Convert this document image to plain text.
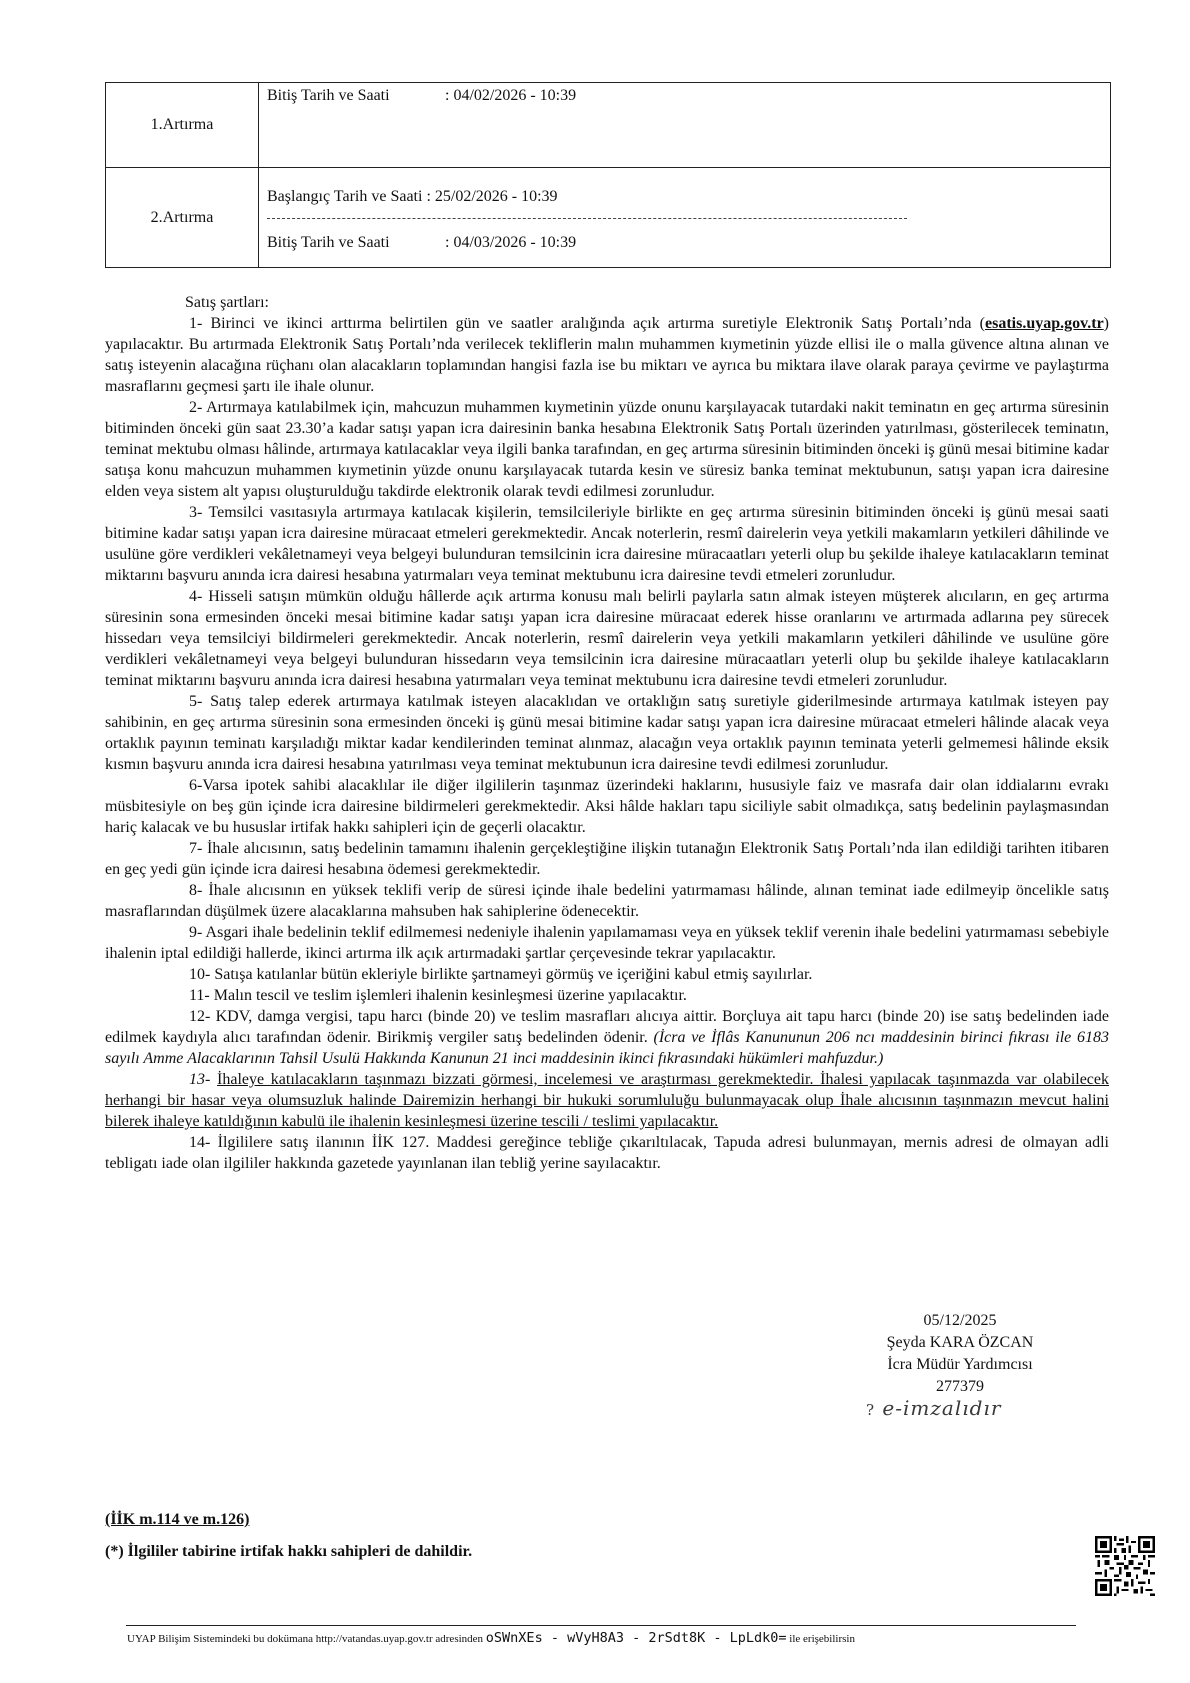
1.Artırma	Bitiş Tarih ve Saati : 04/02/2026 - 10:39

2.Artırma	Başlangıç Tarih ve Saati : 25/02/2026 - 10:39
Bitiş Tarih ve Saati : 04/03/2026 - 10:39

Satış şartları:

1- Birinci ve ikinci arttırma belirtilen gün ve saatler aralığında açık artırma suretiyle Elektronik Satış Portalı’nda (esatis.uyap.gov.tr) yapılacaktır. Bu artırmada Elektronik Satış Portalı’nda verilecek tekliflerin malın muhammen kıymetinin yüzde ellisi ile o malla güvence altına alınan ve satış isteyenin alacağına rüçhanı olan alacakların toplamından hangisi fazla ise bu miktarı ve ayrıca bu miktara ilave olarak paraya çevirme ve paylaştırma masraflarını geçmesi şartı ile ihale olunur.

2- Artırmaya katılabilmek için, mahcuzun muhammen kıymetinin yüzde onunu karşılayacak tutardaki nakit teminatın en geç artırma süresinin bitiminden önceki gün saat 23.30’a kadar satışı yapan icra dairesinin banka hesabına Elektronik Satış Portalı üzerinden yatırılması, gösterilecek teminatın, teminat mektubu olması hâlinde, artırmaya katılacaklar veya ilgili banka tarafından, en geç artırma süresinin bitiminden önceki iş günü mesai bitimine kadar satışa konu mahcuzun muhammen kıymetinin yüzde onunu karşılayacak tutarda kesin ve süresiz banka teminat mektubunun, satışı yapan icra dairesine elden veya sistem alt yapısı oluşturulduğu takdirde elektronik olarak tevdi edilmesi zorunludur.

3- Temsilci vasıtasıyla artırmaya katılacak kişilerin, temsilcileriyle birlikte en geç artırma süresinin bitiminden önceki iş günü mesai saati bitimine kadar satışı yapan icra dairesine müracaat etmeleri gerekmektedir. Ancak noterlerin, resmî dairelerin veya yetkili makamların yetkileri dâhilinde ve usulüne göre verdikleri vekâletnameyi veya belgeyi bulunduran temsilcinin icra dairesine müracaatları yeterli olup bu şekilde ihaleye katılacakların teminat miktarını başvuru anında icra dairesi hesabına yatırmaları veya teminat mektubunu icra dairesine tevdi etmeleri zorunludur.

4- Hisseli satışın mümkün olduğu hâllerde açık artırma konusu malı belirli paylarla satın almak isteyen müşterek alıcıların, en geç artırma süresinin sona ermesinden önceki mesai bitimine kadar satışı yapan icra dairesine müracaat ederek hisse oranlarını ve artırmada adlarına pey sürecek hissedarı veya temsilciyi bildirmeleri gerekmektedir. Ancak noterlerin, resmî dairelerin veya yetkili makamların yetkileri dâhilinde ve usulüne göre verdikleri vekâletnameyi veya belgeyi bulunduran hissedarın veya temsilcinin icra dairesine müracaatları yeterli olup bu şekilde ihaleye katılacakların teminat miktarını başvuru anında icra dairesi hesabına yatırmaları veya teminat mektubunu icra dairesine tevdi etmeleri zorunludur.

5- Satış talep ederek artırmaya katılmak isteyen alacaklıdan ve ortaklığın satış suretiyle giderilmesinde artırmaya katılmak isteyen pay sahibinin, en geç artırma süresinin sona ermesinden önceki iş günü mesai bitimine kadar satışı yapan icra dairesine müracaat etmeleri hâlinde alacak veya ortaklık payının teminatı karşıladığı miktar kadar kendilerinden teminat alınmaz, alacağın veya ortaklık payının teminata yeterli gelmemesi hâlinde eksik kısmın başvuru anında icra dairesi hesabına yatırılması veya teminat mektubunun icra dairesine tevdi edilmesi zorunludur.

6-Varsa ipotek sahibi alacaklılar ile diğer ilgililerin taşınmaz üzerindeki haklarını, hususiyle faiz ve masrafa dair olan iddialarını evrakı müsbitesiyle on beş gün içinde icra dairesine bildirmeleri gerekmektedir. Aksi hâlde hakları tapu siciliyle sabit olmadıkça, satış bedelinin paylaşmasından hariç kalacak ve bu hususlar irtifak hakkı sahipleri için de geçerli olacaktır.

7- İhale alıcısının, satış bedelinin tamamını ihalenin gerçekleştiğine ilişkin tutanağın Elektronik Satış Portalı’nda ilan edildiği tarihten itibaren en geç yedi gün içinde icra dairesi hesabına ödemesi gerekmektedir.

8- İhale alıcısının en yüksek teklifi verip de süresi içinde ihale bedelini yatırmaması hâlinde, alınan teminat iade edilmeyip öncelikle satış masraflarından düşülmek üzere alacaklarına mahsuben hak sahiplerine ödenecektir.

9- Asgari ihale bedelinin teklif edilmemesi nedeniyle ihalenin yapılamaması veya en yüksek teklif verenin ihale bedelini yatırmaması sebebiyle ihalenin iptal edildiği hallerde, ikinci artırma ilk açık artırmadaki şartlar çerçevesinde tekrar yapılacaktır.

10- Satışa katılanlar bütün ekleriyle birlikte şartnameyi görmüş ve içeriğini kabul etmiş sayılırlar.

11- Malın tescil ve teslim işlemleri ihalenin kesinleşmesi üzerine yapılacaktır.

12- KDV, damga vergisi, tapu harcı (binde 20) ve teslim masrafları alıcıya aittir. Borçluya ait tapu harcı (binde 20) ise satış bedelinden iade edilmek kaydıyla alıcı tarafından ödenir. Birikmiş vergiler satış bedelinden ödenir. (İcra ve İflâs Kanununun 206 ncı maddesinin birinci fıkrası ile 6183 sayılı Amme Alacaklarının Tahsil Usulü Hakkında Kanunun 21 inci maddesinin ikinci fıkrasındaki hükümleri mahfuzdur.)

13- İhaleye katılacakların taşınmazı bizzati görmesi, incelemesi ve araştırması gerekmektedir. İhalesi yapılacak taşınmazda var olabilecek herhangi bir hasar veya olumsuzluk halinde Dairemizin herhangi bir hukuki sorumluluğu bulunmayacak olup İhale alıcısının taşınmazın mevcut halini bilerek ihaleye katıldığının kabulü ile ihalenin kesinleşmesi üzerine tescili / teslimi yapılacaktır.

14- İlgililere satış ilanının İİK 127. Maddesi gereğince tebliğe çıkarıltılacak, Tapuda adresi bulunmayan, mernis adresi de olmayan adli tebligatı iade olan ilgililer hakkında gazetede yayınlanan ilan tebliğ yerine sayılacaktır.

05/12/2025
Şeyda KARA ÖZCAN
İcra Müdür Yardımcısı
277379
? e-imzalıdır
(İİK m.114 ve m.126)
(*) İlgililer tabirine irtifak hakkı sahipleri de dahildir.
UYAP Bilişim Sistemindeki bu dokümana http://vatandas.uyap.gov.tr adresinden oSWnXEs - wVyH8A3 - 2rSdt8K - LpLdk0= ile erişebilirsin
